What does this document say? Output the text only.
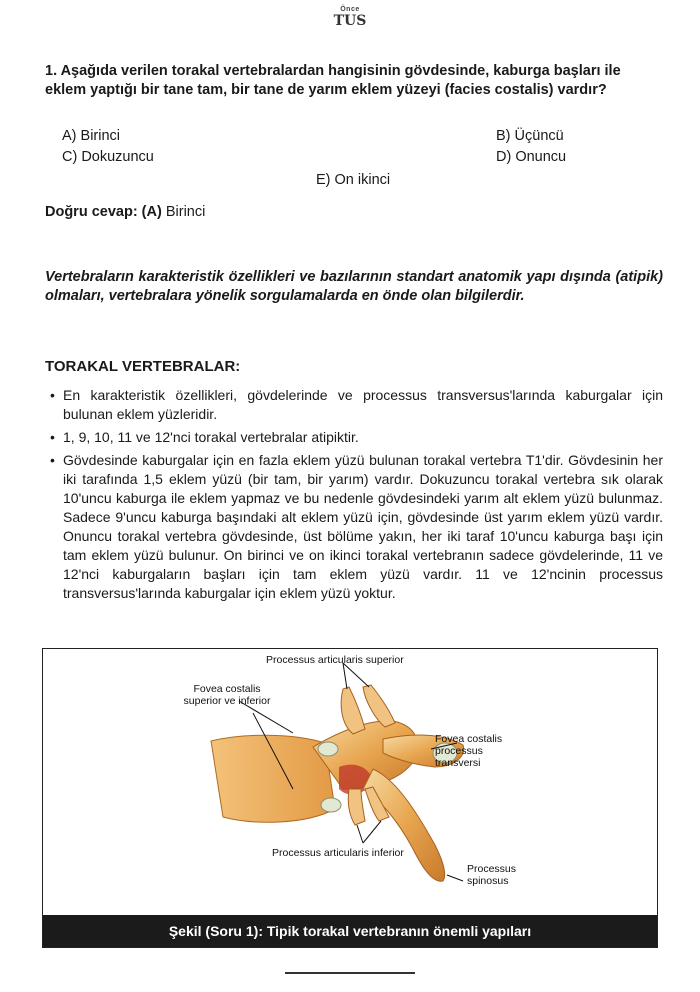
Önce
TUS
1. Aşağıda verilen torakal vertebralardan hangisinin gövdesinde, kaburga başları ile eklem yaptığı bir tane tam, bir tane de yarım eklem yüzeyi (facies costalis) vardır?
A) Birinci	B) Üçüncü
C) Dokuzuncu	D) Onuncu
E) On ikinci
Doğru cevap: (A) Birinci
Vertebraların karakteristik özellikleri ve bazılarının standart anatomik yapı dışında (atipik) olmaları, vertebralara yönelik sorgulamalarda en önde olan bilgilerdir.
TORAKAL VERTEBRALAR:
• En karakteristik özellikleri, gövdelerinde ve processus transversus'larında kaburgalar için bulunan eklem yüzleridir.
• 1, 9, 10, 11 ve 12'nci torakal vertebralar atipiktir.
• Gövdesinde kaburgalar için en fazla eklem yüzü bulunan torakal vertebra T1'dir. Gövdesinin her iki tarafında 1,5 eklem yüzü (bir tam, bir yarım) vardır. Dokuzuncu torakal vertebra sık olarak 10'uncu kaburga ile eklem yapmaz ve bu nedenle gövdesindeki yarım alt eklem yüzü bulunmaz. Sadece 9'uncu kaburga başındaki alt eklem yüzü için, gövdesinde üst yarım eklem yüzü vardır. Onuncu torakal vertebra gövdesinde, üst bölüme yakın, her iki taraf 10'uncu kaburga başı için tam eklem yüzü bulunur. On birinci ve on ikinci torakal vertebranın sadece gövdelerinde, 11 ve 12'nci kaburgaların başları için tam eklem yüzü vardır. 11 ve 12'ncinin processus transversus'larında kaburgalar için eklem yüzü yoktur.
Processus articularis superior
Fovea costalis
superior ve inferior
Fovea costalis
processus
transversi
Processus articularis inferior
Processus
spinosus
Şekil (Soru 1): Tipik torakal vertebranın önemli yapıları
